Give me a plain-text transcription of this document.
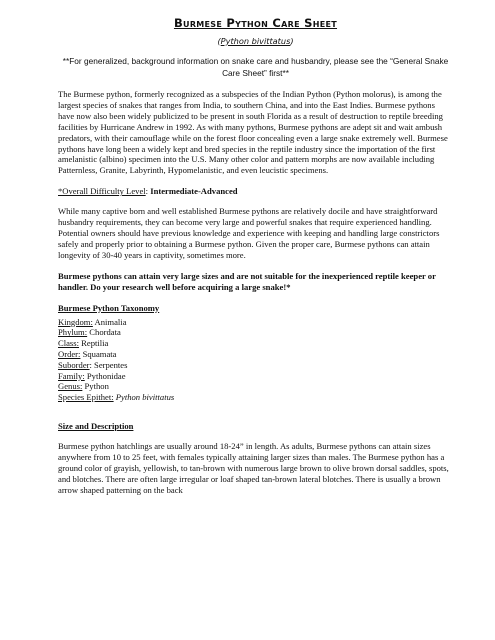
Burmese Python Care Sheet
(Python bivittatus)
**For generalized, background information on snake care and husbandry, please see the “General Snake Care Sheet” first**

The Burmese python, formerly recognized as a subspecies of the Indian Python (Python molorus), is among the largest species of snakes that ranges from India, to southern China, and into the East Indies. Burmese pythons have now also been widely publicized to be present in south Florida as a result of destruction to reptile breeding facilities by Hurricane Andrew in 1992. As with many pythons, Burmese pythons are adept sit and wait ambush predators, with their camouflage while on the forest floor concealing even a large snake extremely well. Burmese pythons have long been a widely kept and bred species in the reptile industry since the importation of the first amelanistic (albino) specimen into the U.S. Many other color and pattern morphs are now available including Patternless, Granite, Labyrinth, Hypomelanistic, and even leucistic specimens.

*Overall Difficulty Level: Intermediate-Advanced

While many captive born and well established Burmese pythons are relatively docile and have straightforward husbandry requirements, they can become very large and powerful snakes that require experienced handling. Potential owners should have previous knowledge and experience with keeping and handling large constrictors safely and properly prior to obtaining a Burmese python. Given the proper care, Burmese pythons can attain longevity of 30-40 years in captivity, sometimes more.

Burmese pythons can attain very large sizes and are not suitable for the inexperienced reptile keeper or handler. Do your research well before acquiring a large snake!*
Burmese Python Taxonomy
Kingdom: Animalia
Phylum: Chordata
Class: Reptilia
Order: Squamata
Suborder: Serpentes
Family: Pythonidae
Genus: Python
Species Epithet: Python bivittatus
Size and Description

Burmese python hatchlings are usually around 18-24” in length. As adults, Burmese pythons can attain sizes anywhere from 10 to 25 feet, with females typically attaining larger sizes than males. The Burmese python has a ground color of grayish, yellowish, to tan-brown with numerous large brown to olive brown dorsal saddles, spots, and blotches. There are often large irregular or loaf shaped tan-brown lateral blotches. There is usually a brown arrow shaped patterning on the back
